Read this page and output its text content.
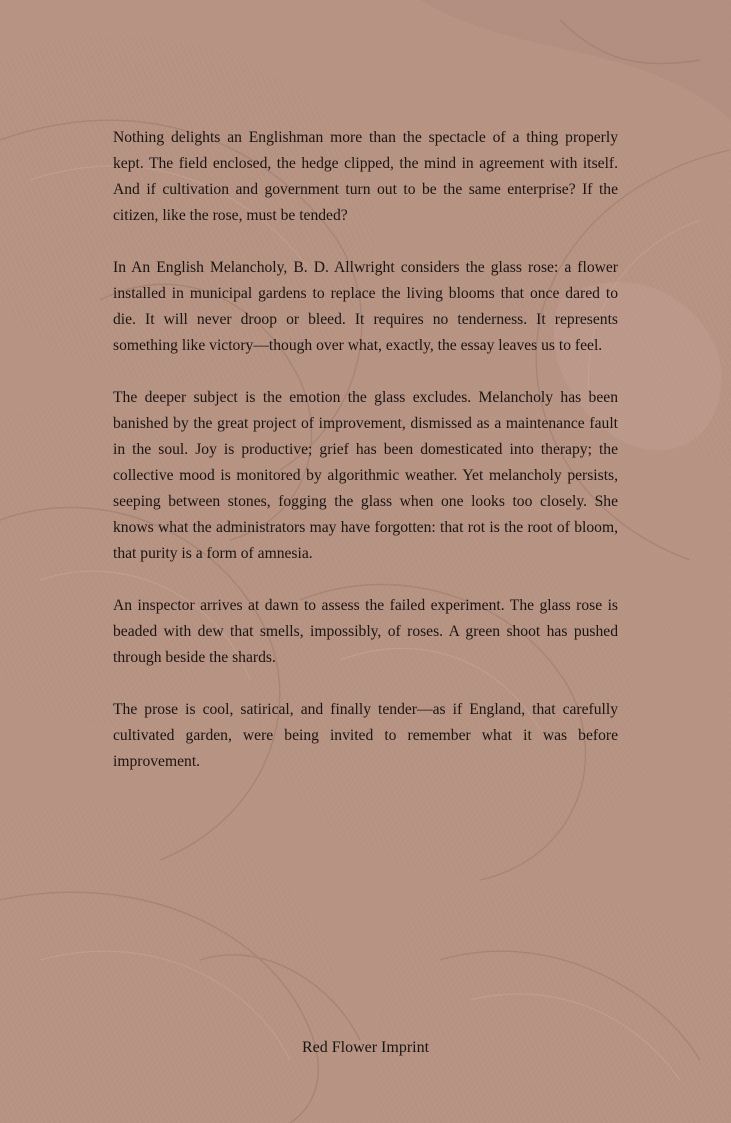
Nothing delights an Englishman more than the spectacle of a thing properly kept. The field enclosed, the hedge clipped, the mind in agreement with itself. And if cultivation and government turn out to be the same enterprise? If the citizen, like the rose, must be tended?

In An English Melancholy, B. D. Allwright considers the glass rose: a flower installed in municipal gardens to replace the living blooms that once dared to die. It will never droop or bleed. It requires no tenderness. It represents something like victory—though over what, exactly, the essay leaves us to feel.

The deeper subject is the emotion the glass excludes. Melancholy has been banished by the great project of improvement, dismissed as a maintenance fault in the soul. Joy is productive; grief has been domesticated into therapy; the collective mood is monitored by algorithmic weather. Yet melancholy persists, seeping between stones, fogging the glass when one looks too closely. She knows what the administrators may have forgotten: that rot is the root of bloom, that purity is a form of amnesia.

An inspector arrives at dawn to assess the failed experiment. The glass rose is beaded with dew that smells, impossibly, of roses. A green shoot has pushed through beside the shards.

The prose is cool, satirical, and finally tender—as if England, that carefully cultivated garden, were being invited to remember what it was before improvement.

Red Flower Imprint
